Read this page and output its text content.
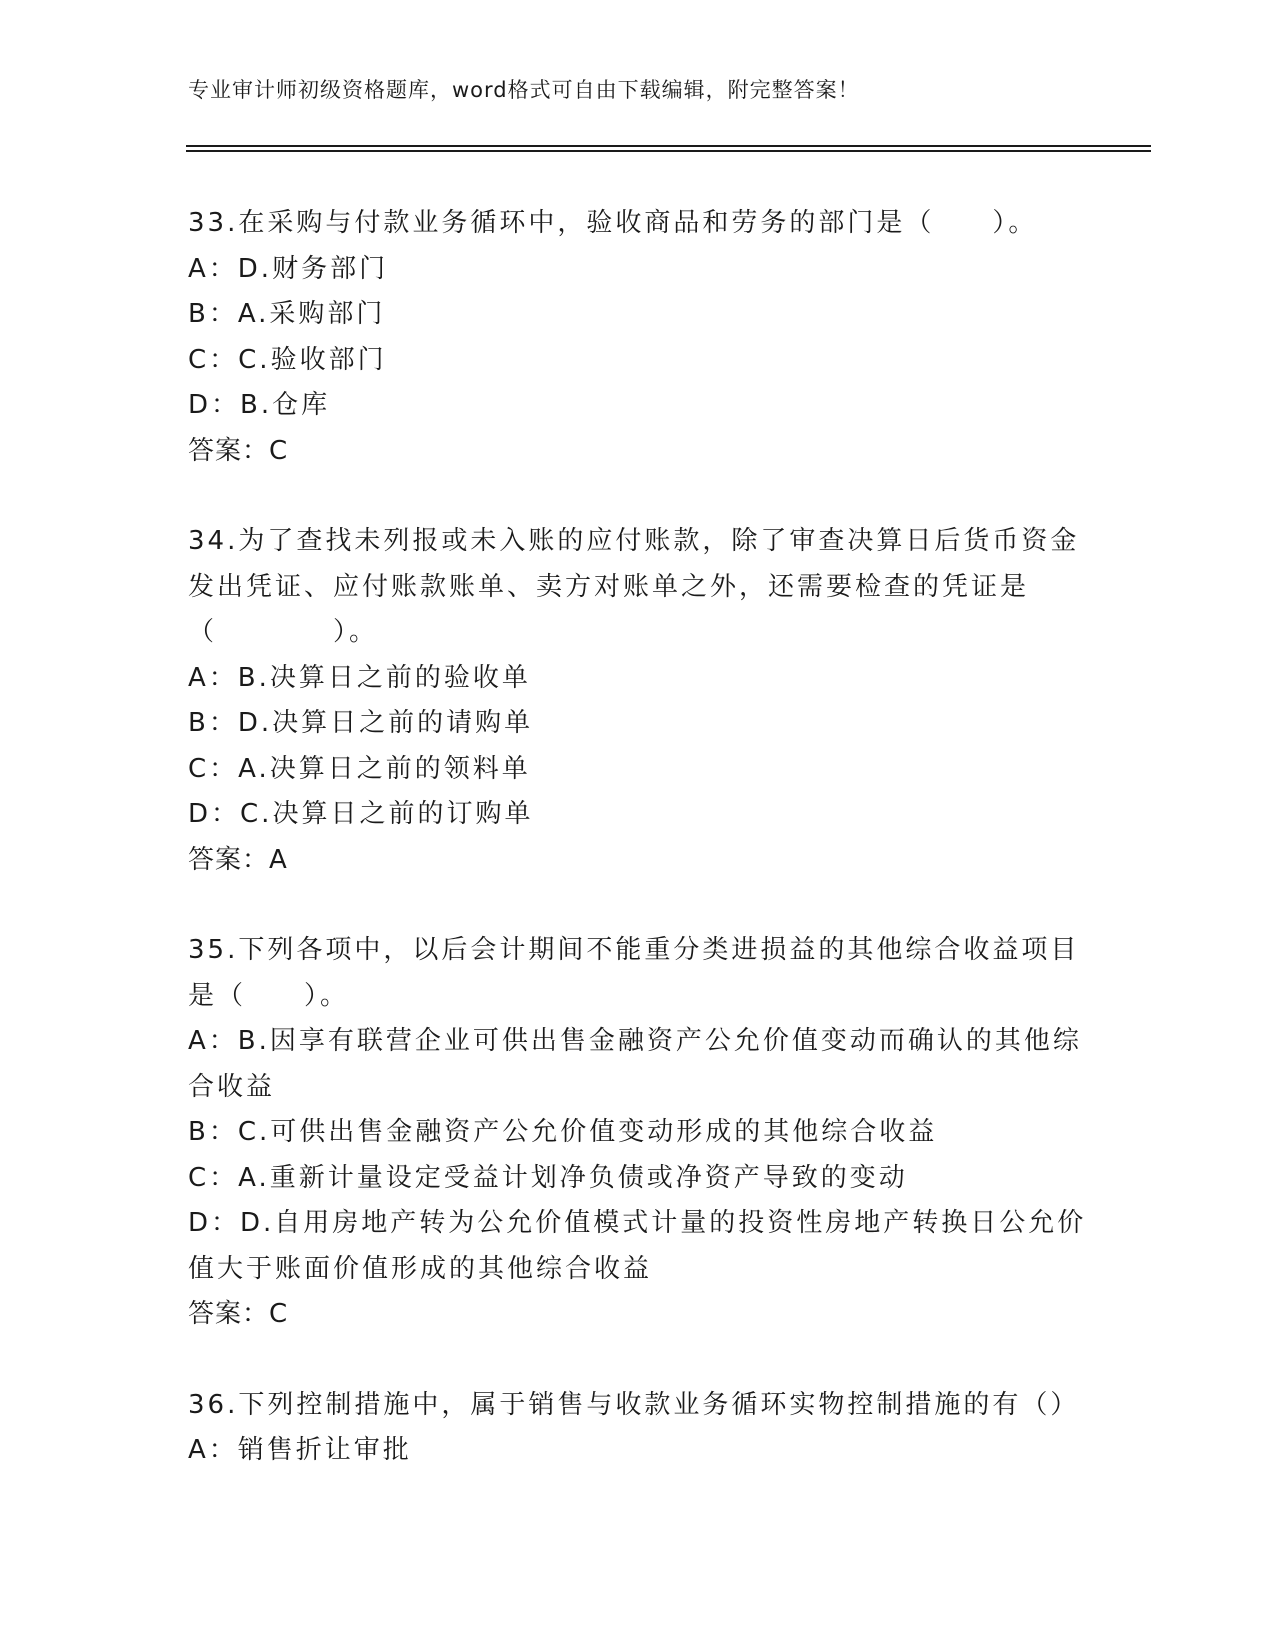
专业审计师初级资格题库，word格式可自由下载编辑，附完整答案！
33.在采购与付款业务循环中，验收商品和劳务的部门是（　　）。
A：D.财务部门
B：A.采购部门
C：C.验收部门
D：B.仓库
答案：C
34.为了查找未列报或未入账的应付账款，除了审查决算日后货币资金
发出凭证、应付账款账单、卖方对账单之外，还需要检查的凭证是
（　　　　）。
A：B.决算日之前的验收单
B：D.决算日之前的请购单
C：A.决算日之前的领料单
D：C.决算日之前的订购单
答案：A
35.下列各项中，以后会计期间不能重分类进损益的其他综合收益项目
是（　　）。
A：B.因享有联营企业可供出售金融资产公允价值变动而确认的其他综
合收益
B：C.可供出售金融资产公允价值变动形成的其他综合收益
C：A.重新计量设定受益计划净负债或净资产导致的变动
D：D.自用房地产转为公允价值模式计量的投资性房地产转换日公允价
值大于账面价值形成的其他综合收益
答案：C
36.下列控制措施中，属于销售与收款业务循环实物控制措施的有（）
A：销售折让审批
